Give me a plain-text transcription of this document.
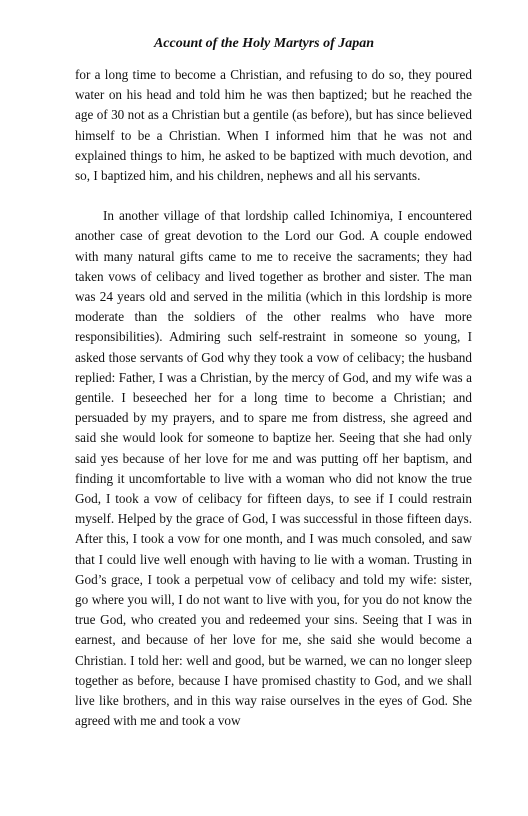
Account of the Holy Martyrs of Japan

for a long time to become a Christian, and refusing to do so, they poured water on his head and told him he was then baptized; but he reached the age of 30 not as a Christian but a gentile (as before), but has since believed himself to be a Christian. When I informed him that he was not and explained things to him, he asked to be baptized with much devotion, and so, I baptized him, and his children, nephews and all his servants.

In another village of that lordship called Ichinomiya, I encountered another case of great devotion to the Lord our God. A couple endowed with many natural gifts came to me to receive the sacraments; they had taken vows of celibacy and lived together as brother and sister. The man was 24 years old and served in the militia (which in this lordship is more moderate than the soldiers of the other realms who have more responsibilities). Admiring such self-restraint in someone so young, I asked those servants of God why they took a vow of celibacy; the husband replied: Father, I was a Christian, by the mercy of God, and my wife was a gentile. I beseeched her for a long time to become a Christian; and persuaded by my prayers, and to spare me from distress, she agreed and said she would look for someone to baptize her. Seeing that she had only said yes because of her love for me and was putting off her baptism, and finding it uncomfortable to live with a woman who did not know the true God, I took a vow of celibacy for fifteen days, to see if I could restrain myself. Helped by the grace of God, I was successful in those fifteen days. After this, I took a vow for one month, and I was much consoled, and saw that I could live well enough with having to lie with a woman. Trusting in God’s grace, I took a perpetual vow of celibacy and told my wife: sister, go where you will, I do not want to live with you, for you do not know the true God, who created you and redeemed your sins. Seeing that I was in earnest, and because of her love for me, she said she would become a Christian. I told her: well and good, but be warned, we can no longer sleep together as before, because I have promised chastity to God, and we shall live like brothers, and in this way raise ourselves in the eyes of God. She agreed with me and took a vow
